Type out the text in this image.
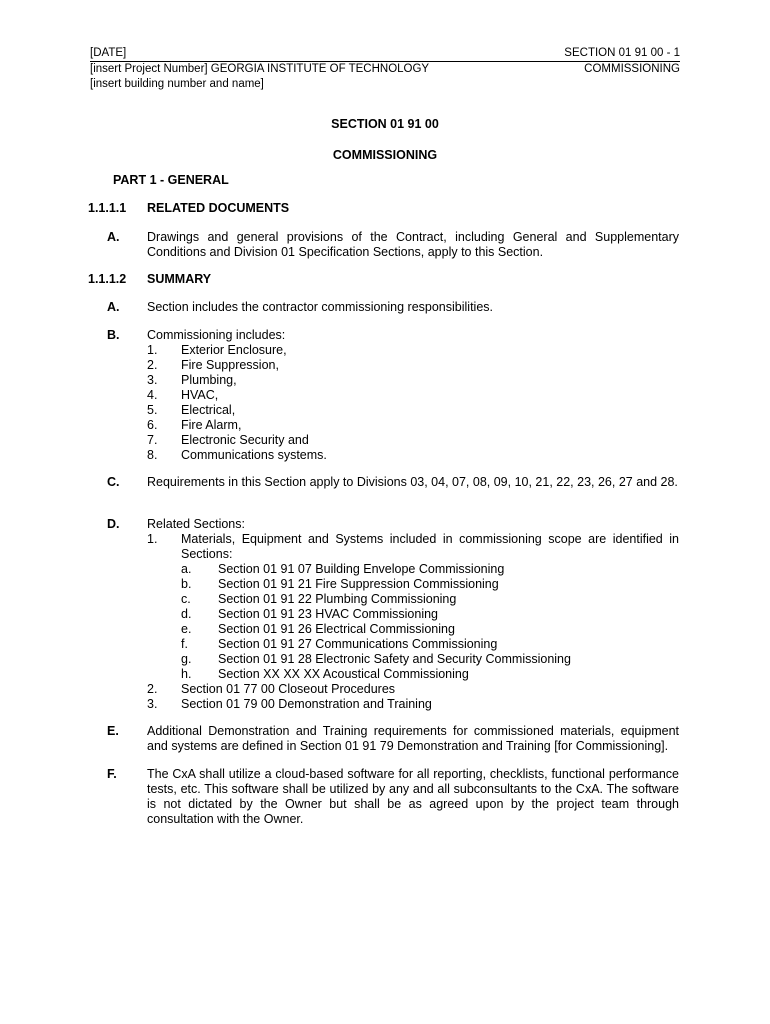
[DATE]	SECTION 01 91 00 - 1
[insert Project Number] GEORGIA INSTITUTE OF TECHNOLOGY	COMMISSIONING
[insert building number and name]
SECTION 01 91 00
COMMISSIONING
PART 1 - GENERAL
1.1.1.1	RELATED DOCUMENTS
A.	Drawings and general provisions of the Contract, including General and Supplementary Conditions and Division 01 Specification Sections, apply to this Section.
1.1.1.2	SUMMARY
A.	Section includes the contractor commissioning responsibilities.
B.	Commissioning includes:
1.	Exterior Enclosure,
2.	Fire Suppression,
3.	Plumbing,
4.	HVAC,
5.	Electrical,
6.	Fire Alarm,
7.	Electronic Security and
8.	Communications systems.
C.	Requirements in this Section apply to Divisions 03, 04, 07, 08, 09, 10, 21, 22, 23, 26, 27 and 28.
D.	Related Sections:
1.	Materials, Equipment and Systems included in commissioning scope are identified in Sections:
a.	Section 01 91 07 Building Envelope Commissioning
b.	Section 01 91 21 Fire Suppression Commissioning
c.	Section 01 91 22 Plumbing Commissioning
d.	Section 01 91 23 HVAC Commissioning
e.	Section 01 91 26 Electrical Commissioning
f.	Section 01 91 27 Communications Commissioning
g.	Section 01 91 28 Electronic Safety and Security Commissioning
h.	Section XX XX XX Acoustical Commissioning
2.	Section 01 77 00 Closeout Procedures
3.	Section 01 79 00 Demonstration and Training
E.	Additional Demonstration and Training requirements for commissioned materials, equipment and systems are defined in Section 01 91 79 Demonstration and Training [for Commissioning].
F.	The CxA shall utilize a cloud-based software for all reporting, checklists, functional performance tests, etc. This software shall be utilized by any and all subconsultants to the CxA. The software is not dictated by the Owner but shall be as agreed upon by the project team through consultation with the Owner.
